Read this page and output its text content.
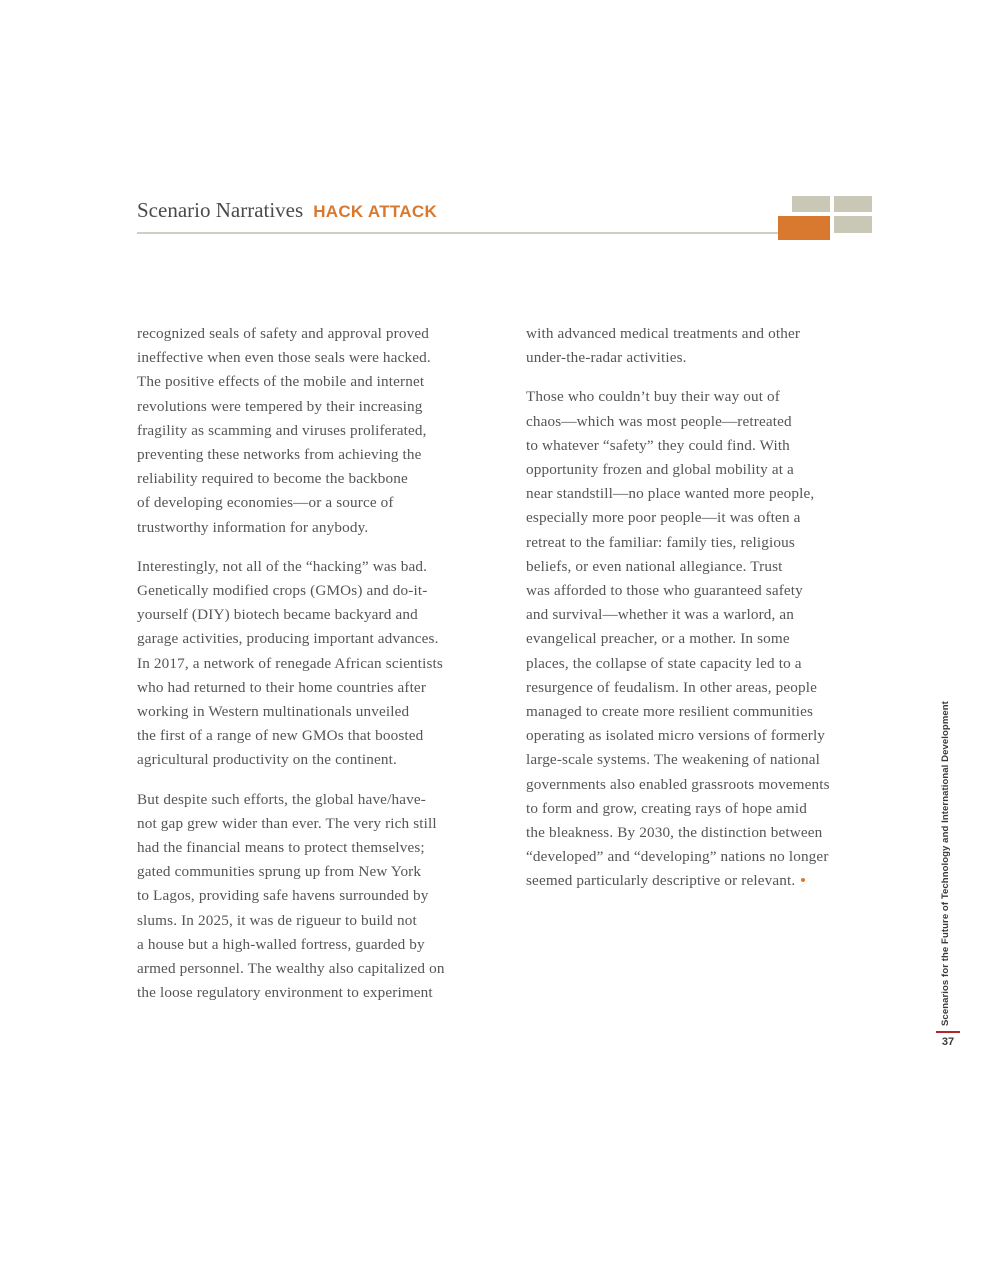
Scenario Narratives HACK ATTACK

recognized seals of safety and approval proved
ineffective when even those seals were hacked.
The positive effects of the mobile and internet
revolutions were tempered by their increasing
fragility as scamming and viruses proliferated,
preventing these networks from achieving the
reliability required to become the backbone
of developing economies—or a source of
trustworthy information for anybody.

Interestingly, not all of the “hacking” was bad.
Genetically modified crops (GMOs) and do-it-
yourself (DIY) biotech became backyard and
garage activities, producing important advances.
In 2017, a network of renegade African scientists
who had returned to their home countries after
working in Western multinationals unveiled
the first of a range of new GMOs that boosted
agricultural productivity on the continent.

But despite such efforts, the global have/have-
not gap grew wider than ever. The very rich still
had the financial means to protect themselves;
gated communities sprung up from New York
to Lagos, providing safe havens surrounded by
slums. In 2025, it was de rigueur to build not
a house but a high-walled fortress, guarded by
armed personnel. The wealthy also capitalized on
the loose regulatory environment to experiment

with advanced medical treatments and other
under-the-radar activities.

Those who couldn’t buy their way out of
chaos—which was most people—retreated
to whatever “safety” they could find. With
opportunity frozen and global mobility at a
near standstill—no place wanted more people,
especially more poor people—it was often a
retreat to the familiar: family ties, religious
beliefs, or even national allegiance. Trust
was afforded to those who guaranteed safety
and survival—whether it was a warlord, an
evangelical preacher, or a mother. In some
places, the collapse of state capacity led to a
resurgence of feudalism. In other areas, people
managed to create more resilient communities
operating as isolated micro versions of formerly
large-scale systems. The weakening of national
governments also enabled grassroots movements
to form and grow, creating rays of hope amid
the bleakness. By 2030, the distinction between
“developed” and “developing” nations no longer
seemed particularly descriptive or relevant. •	Scenarios for the Future of Technology and International Development
37
